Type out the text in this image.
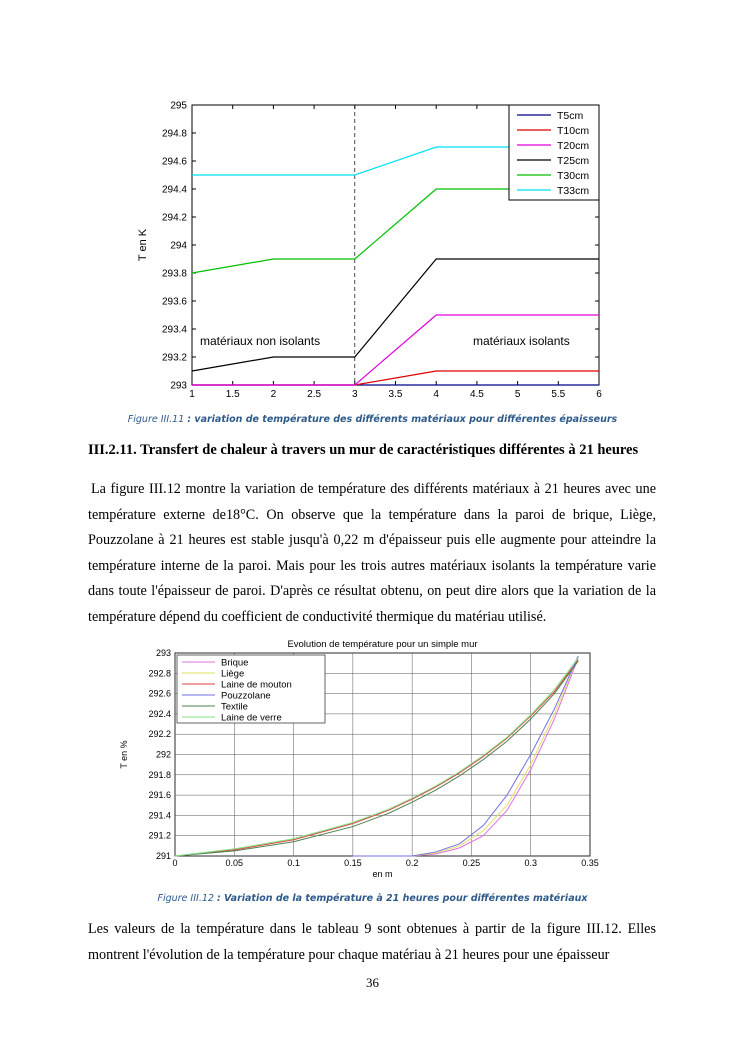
1	1.5	2	2.5	3	3.5	4	4.5	5	5.5	6
293
293.2
293.4
293.6
293.8
294
294.2
294.4
294.6
294.8
295
T en K
matériaux non isolants	matériaux isolants
T5cm
T10cm
T20cm
T25cm
T30cm
T33cm
Figure III.11 : variation de température des différents matériaux pour différentes épaisseurs
III.2.11. Transfert de chaleur à travers un mur de caractéristiques différentes à 21 heures
La figure III.12 montre la variation de température des différents matériaux à 21 heures avec une température externe de18°C. On observe que la température dans la paroi de brique, Liège, Pouzzolane à 21 heures est stable jusqu'à 0,22 m d'épaisseur puis elle augmente pour atteindre la température interne de la paroi. Mais pour les trois autres matériaux isolants la température varie dans toute l'épaisseur de paroi. D'après ce résultat obtenu, on peut dire alors que la variation de la température dépend du coefficient de conductivité thermique du matériau utilisé.
Evolution de température pour un simple mur
0	0.05	0.1	0.15	0.2	0.25	0.3	0.35
291
291.2
291.4
291.6
291.8
292
292.2
292.4
292.6
292.8
293
en m
T en %
Brique
Liège
Laine de mouton
Pouzzolane
Textile
Laine de verre
Figure III.12 : Variation de la température à 21 heures pour différentes matériaux
Les valeurs de la température dans le tableau 9 sont obtenues à partir de la figure III.12. Elles montrent l'évolution de la température pour chaque matériau à 21 heures pour une épaisseur
36
